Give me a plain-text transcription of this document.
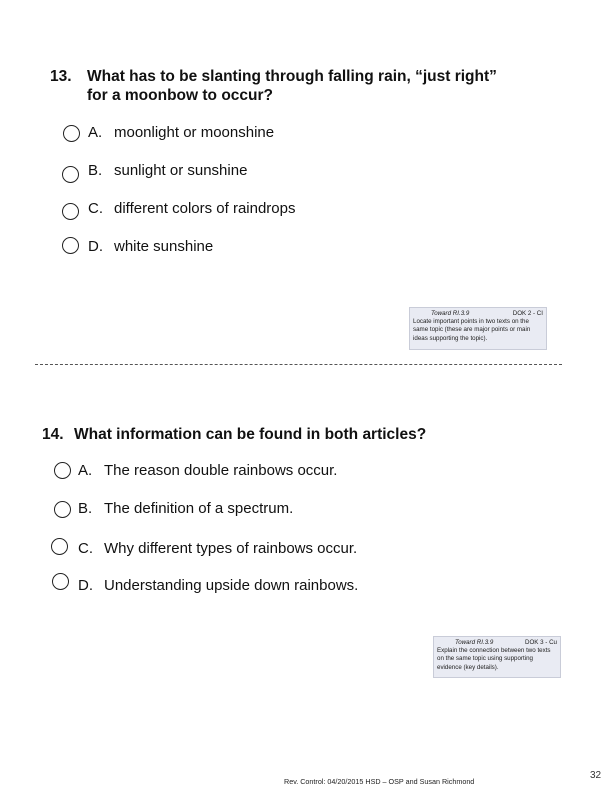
13. What has to be slanting through falling rain, “just right”
for a moonbow to occur?
A. moonlight or moonshine
B. sunlight or sunshine
C. different colors of raindrops
D. white sunshine
Toward RI.3.9	DOK 2 - CI
Locate important points in two texts on the same topic (these are major points or main ideas supporting the topic).
14. What information can be found in both articles?
A. The reason double rainbows occur.
B. The definition of a spectrum.
C. Why different types of rainbows occur.
D. Understanding upside down rainbows.
Toward RI.3.9	DOK 3 - Cu
Explain the connection between two texts on the same topic using supporting evidence (key details).
Rev. Control: 04/20/2015 HSD – OSP and Susan Richmond
32
